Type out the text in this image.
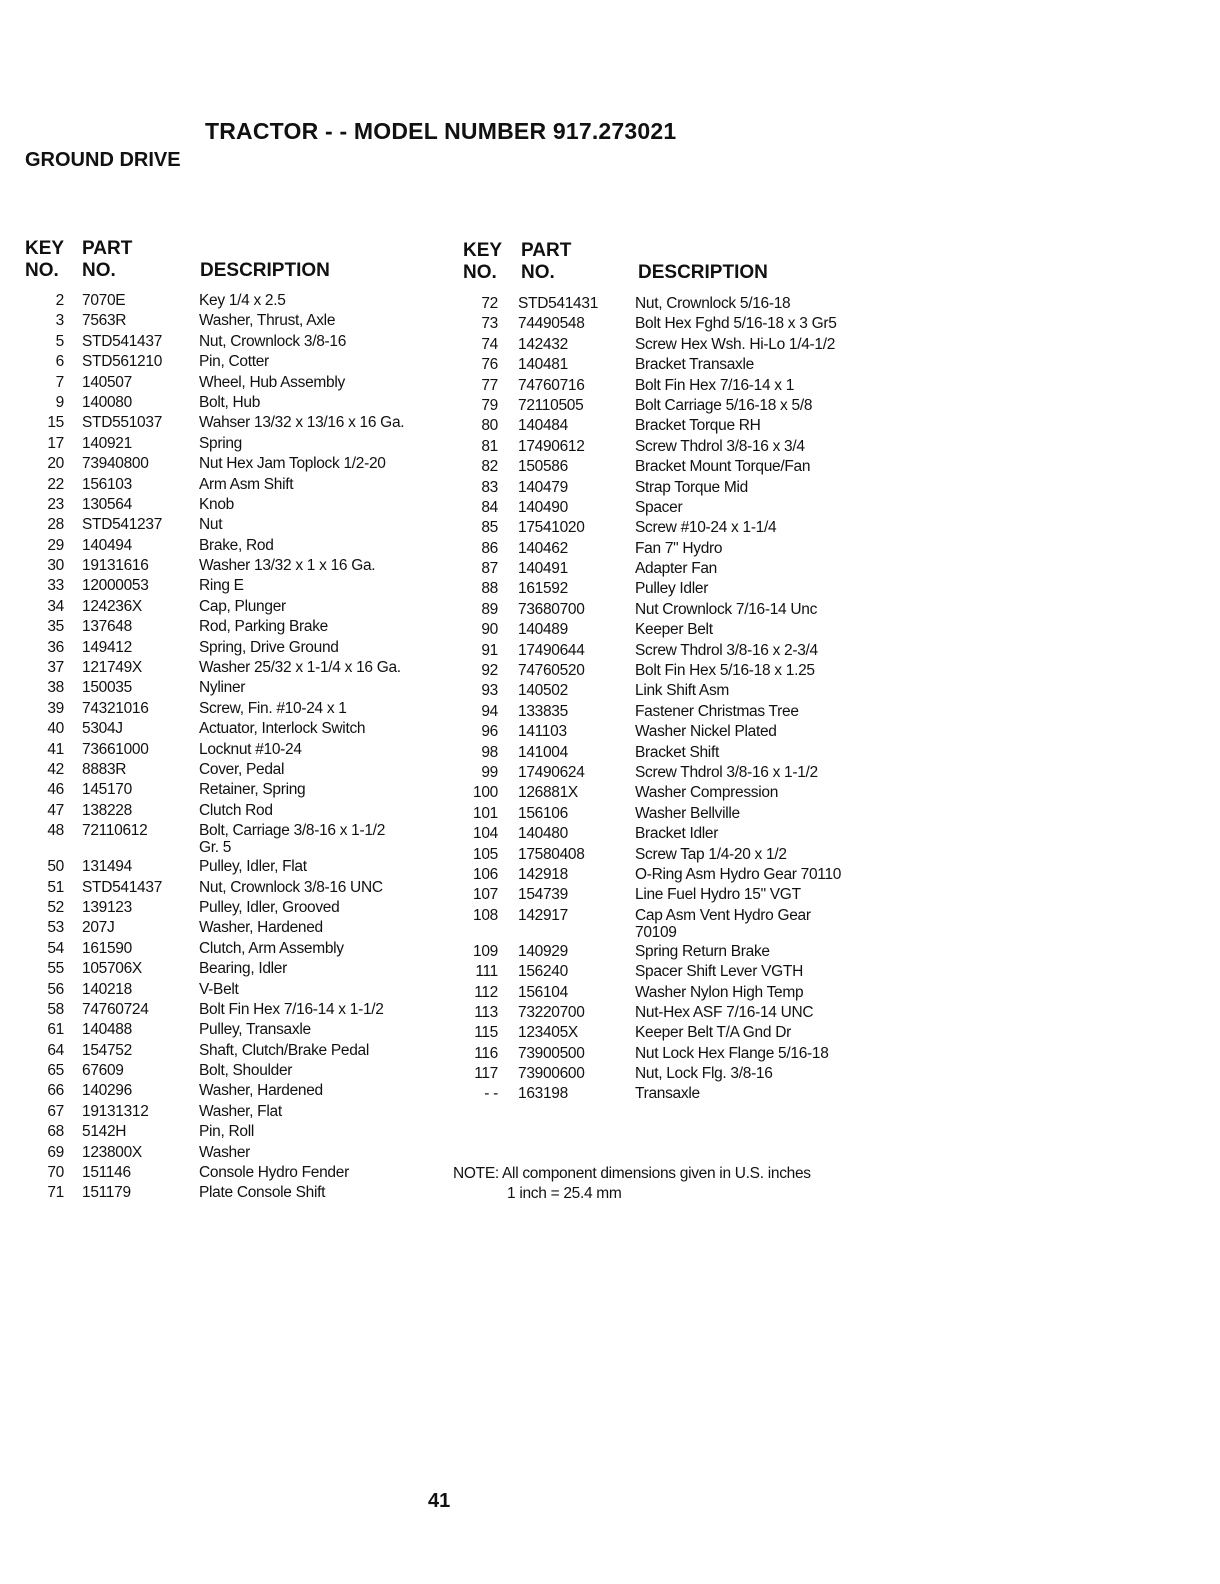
TRACTOR - - MODEL NUMBER 917.273021
GROUND DRIVE
KEY
NO.
PART
NO.	DESCRIPTION
KEY
NO.
PART
NO.	DESCRIPTION
2 7070E	Key 1/4 x 2.5
3 7563R	Washer, Thrust, Axle
5 STD541437 Nut, Crownlock 3/8-16
6 STD561210 Pin, Cotter
7 140507	Wheel, Hub Assembly
9 140080	Bolt, Hub
15 STD551037 Wahser 13/32 x 13/16 x 16 Ga.
17 140921	Spring
20 73940800	Nut Hex Jam Toplock 1/2-20
22 156103	Arm Asm Shift
23 130564	Knob
28 STD541237 Nut
29 140494	Brake, Rod
30 19131616	Washer 13/32 x 1 x 16 Ga.
33 12000053	Ring E
34 124236X	Cap, Plunger
35 137648	Rod, Parking Brake
36 149412	Spring, Drive Ground
37 121749X	Washer 25/32 x 1-1/4 x 16 Ga.
38 150035	Nyliner
39 74321016	Screw, Fin. #10-24 x 1
40 5304J	Actuator, Interlock Switch
41 73661000	Locknut #10-24
42 8883R	Cover, Pedal
46 145170	Retainer, Spring
47 138228	Clutch Rod
48 72110612	Bolt, Carriage 3/8-16 x 1-1/2
Gr. 5
50 131494	Pulley, Idler, Flat
51 STD541437 Nut, Crownlock 3/8-16 UNC
52 139123	Pulley, Idler, Grooved
53 207J	Washer, Hardened
54 161590	Clutch, Arm Assembly
55 105706X	Bearing, Idler
56 140218	V-Belt
58 74760724	Bolt Fin Hex 7/16-14 x 1-1/2
61 140488	Pulley, Transaxle
64 154752	Shaft, Clutch/Brake Pedal
65 67609	Bolt, Shoulder
66 140296	Washer, Hardened
67 19131312	Washer, Flat
68 5142H	Pin, Roll
69 123800X	Washer
70 151146	Console Hydro Fender
71 151179	Plate Console Shift
72 STD541431 Nut, Crownlock 5/16-18
73 74490548	Bolt Hex Fghd 5/16-18 x 3 Gr5
74 142432	Screw Hex Wsh. Hi-Lo 1/4-1/2
76 140481	Bracket Transaxle
77 74760716	Bolt Fin Hex 7/16-14 x 1
79 72110505	Bolt Carriage 5/16-18 x 5/8
80 140484	Bracket Torque RH
81 17490612	Screw Thdrol 3/8-16 x 3/4
82 150586	Bracket Mount Torque/Fan
83 140479	Strap Torque Mid
84 140490	Spacer
85 17541020	Screw #10-24 x 1-1/4
86 140462	Fan 7" Hydro
87 140491	Adapter Fan
88 161592	Pulley Idler
89 73680700	Nut Crownlock 7/16-14 Unc
90 140489	Keeper Belt
91 17490644	Screw Thdrol 3/8-16 x 2-3/4
92 74760520	Bolt Fin Hex 5/16-18 x 1.25
93 140502	Link Shift Asm
94 133835	Fastener Christmas Tree
96 141103	Washer Nickel Plated
98 141004	Bracket Shift
99 17490624	Screw Thdrol 3/8-16 x 1-1/2
100 126881X	Washer Compression
101 156106	Washer Bellville
104 140480	Bracket Idler
105 17580408	Screw Tap 1/4-20 x 1/2
106 142918	O-Ring Asm Hydro Gear 70110
107 154739	Line Fuel Hydro 15" VGT
108 142917	Cap Asm Vent Hydro Gear
70109
109 140929	Spring Return Brake
111 156240	Spacer Shift Lever VGTH
112 156104	Washer Nylon High Temp
113 73220700	Nut-Hex ASF 7/16-14 UNC
115 123405X	Keeper Belt T/A Gnd Dr
116 73900500	Nut Lock Hex Flange 5/16-18
117 73900600	Nut, Lock Flg. 3/8-16
- - 163198	Transaxle
NOTE: All component dimensions given in U.S. inches
1 inch = 25.4 mm
41
